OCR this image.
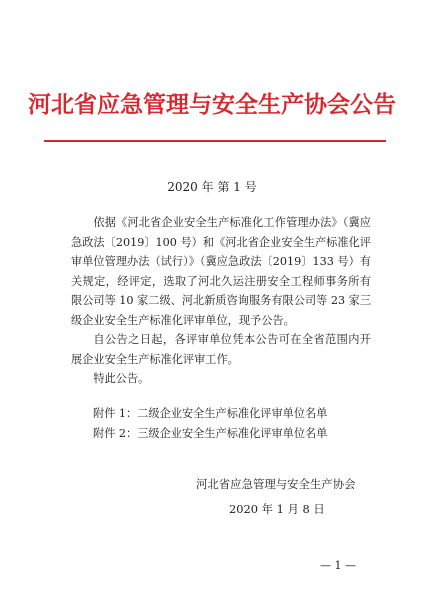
河北省应急管理与安全生产协会公告
2020 年 第 1 号

依据《河北省企业安全生产标准化工作管理办法》（冀应急政法〔2019〕100 号）和《河北省企业安全生产标准化评审单位管理办法（试行）》（冀应急政法〔2019〕133 号）有关规定，经评定，选取了河北久运注册安全工程师事务所有限公司等 10 家二级、河北新质咨询服务有限公司等 23 家三级企业安全生产标准化评审单位，现予公告。

自公告之日起，各评审单位凭本公告可在全省范围内开展企业安全生产标准化评审工作。

特此公告。

附件 1：二级企业安全生产标准化评审单位名单
附件 2：三级企业安全生产标准化评审单位名单
河北省应急管理与安全生产协会
2020 年 1 月 8 日
— 1 —
